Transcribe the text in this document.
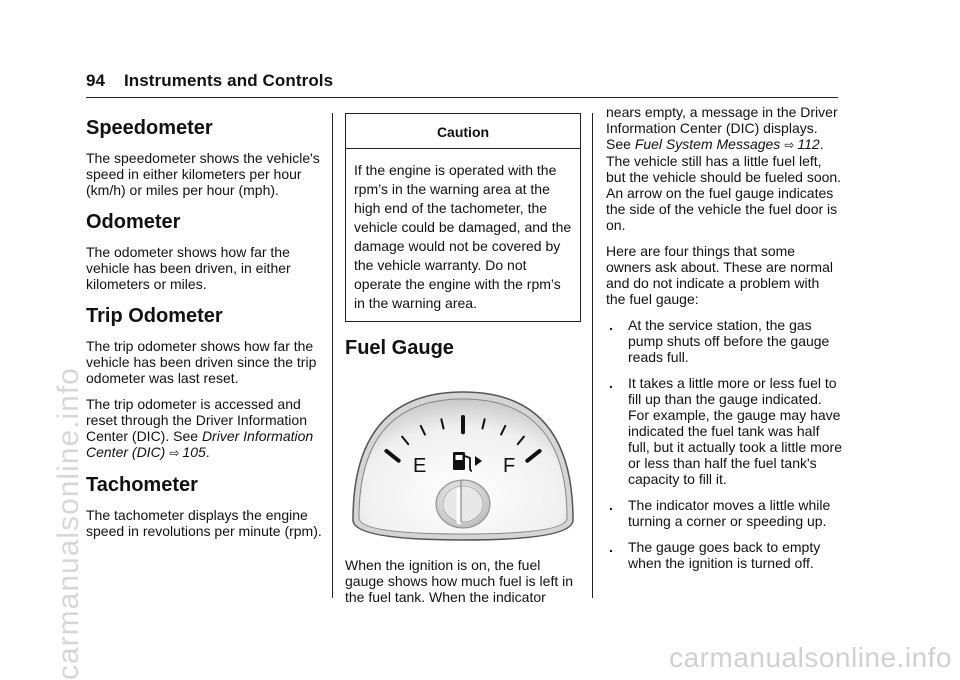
94 Instruments and Controls
Speedometer

The speedometer shows the vehicle's speed in either kilometers per hour (km/h) or miles per hour (mph).

Odometer

The odometer shows how far the vehicle has been driven, in either kilometers or miles.

Trip Odometer

The trip odometer shows how far the vehicle has been driven since the trip odometer was last reset.

The trip odometer is accessed and reset through the Driver Information Center (DIC). See Driver Information Center (DIC) ⇨ 105.

Tachometer

The tachometer displays the engine speed in revolutions per minute (rpm).

Caution
If the engine is operated with the rpm’s in the warning area at the high end of the tachometer, the vehicle could be damaged, and the damage would not be covered by the vehicle warranty. Do not operate the engine with the rpm’s in the warning area.
Fuel Gauge
E	F

When the ignition is on, the fuel gauge shows how much fuel is left in the fuel tank. When the indicator

nears empty, a message in the Driver Information Center (DIC) displays. See Fuel System Messages ⇨ 112. The vehicle still has a little fuel left, but the vehicle should be fueled soon. An arrow on the fuel gauge indicates the side of the vehicle the fuel door is on.

Here are four things that some owners ask about. These are normal and do not indicate a problem with the fuel gauge:

. At the service station, the gas pump shuts off before the gauge reads full.
. It takes a little more or less fuel to fill up than the gauge indicated. For example, the gauge may have indicated the fuel tank was half full, but it actually took a little more or less than half the fuel tank's capacity to fill it.
. The indicator moves a little while turning a corner or speeding up.
. The gauge goes back to empty when the ignition is turned off.
carmanualsonline.info	carmanualsonline.info
